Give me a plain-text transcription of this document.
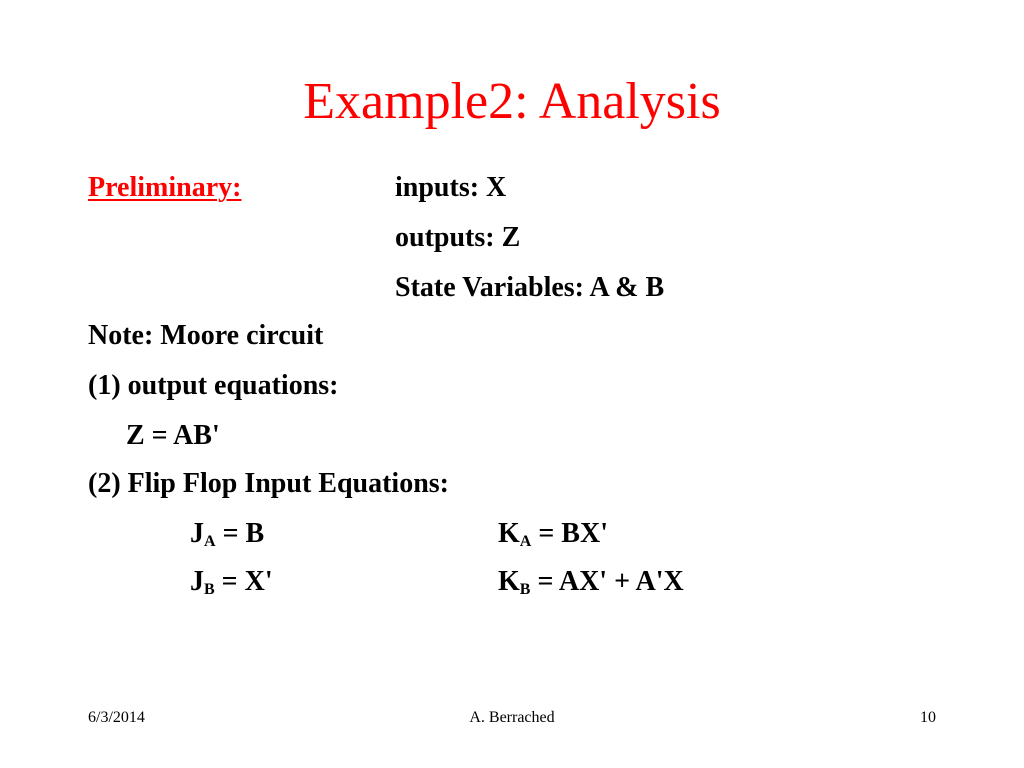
Example2: Analysis
Preliminary:	inputs: X
outputs: Z
State Variables: A & B
Note: Moore circuit
(1) output equations:
Z = AB'
(2) Flip Flop Input Equations:
$J_A = B$	$K_A = BX'$
$J_B = X'$	$K_B = AX' + A'X$
6/3/2014	A. Berrached	10
